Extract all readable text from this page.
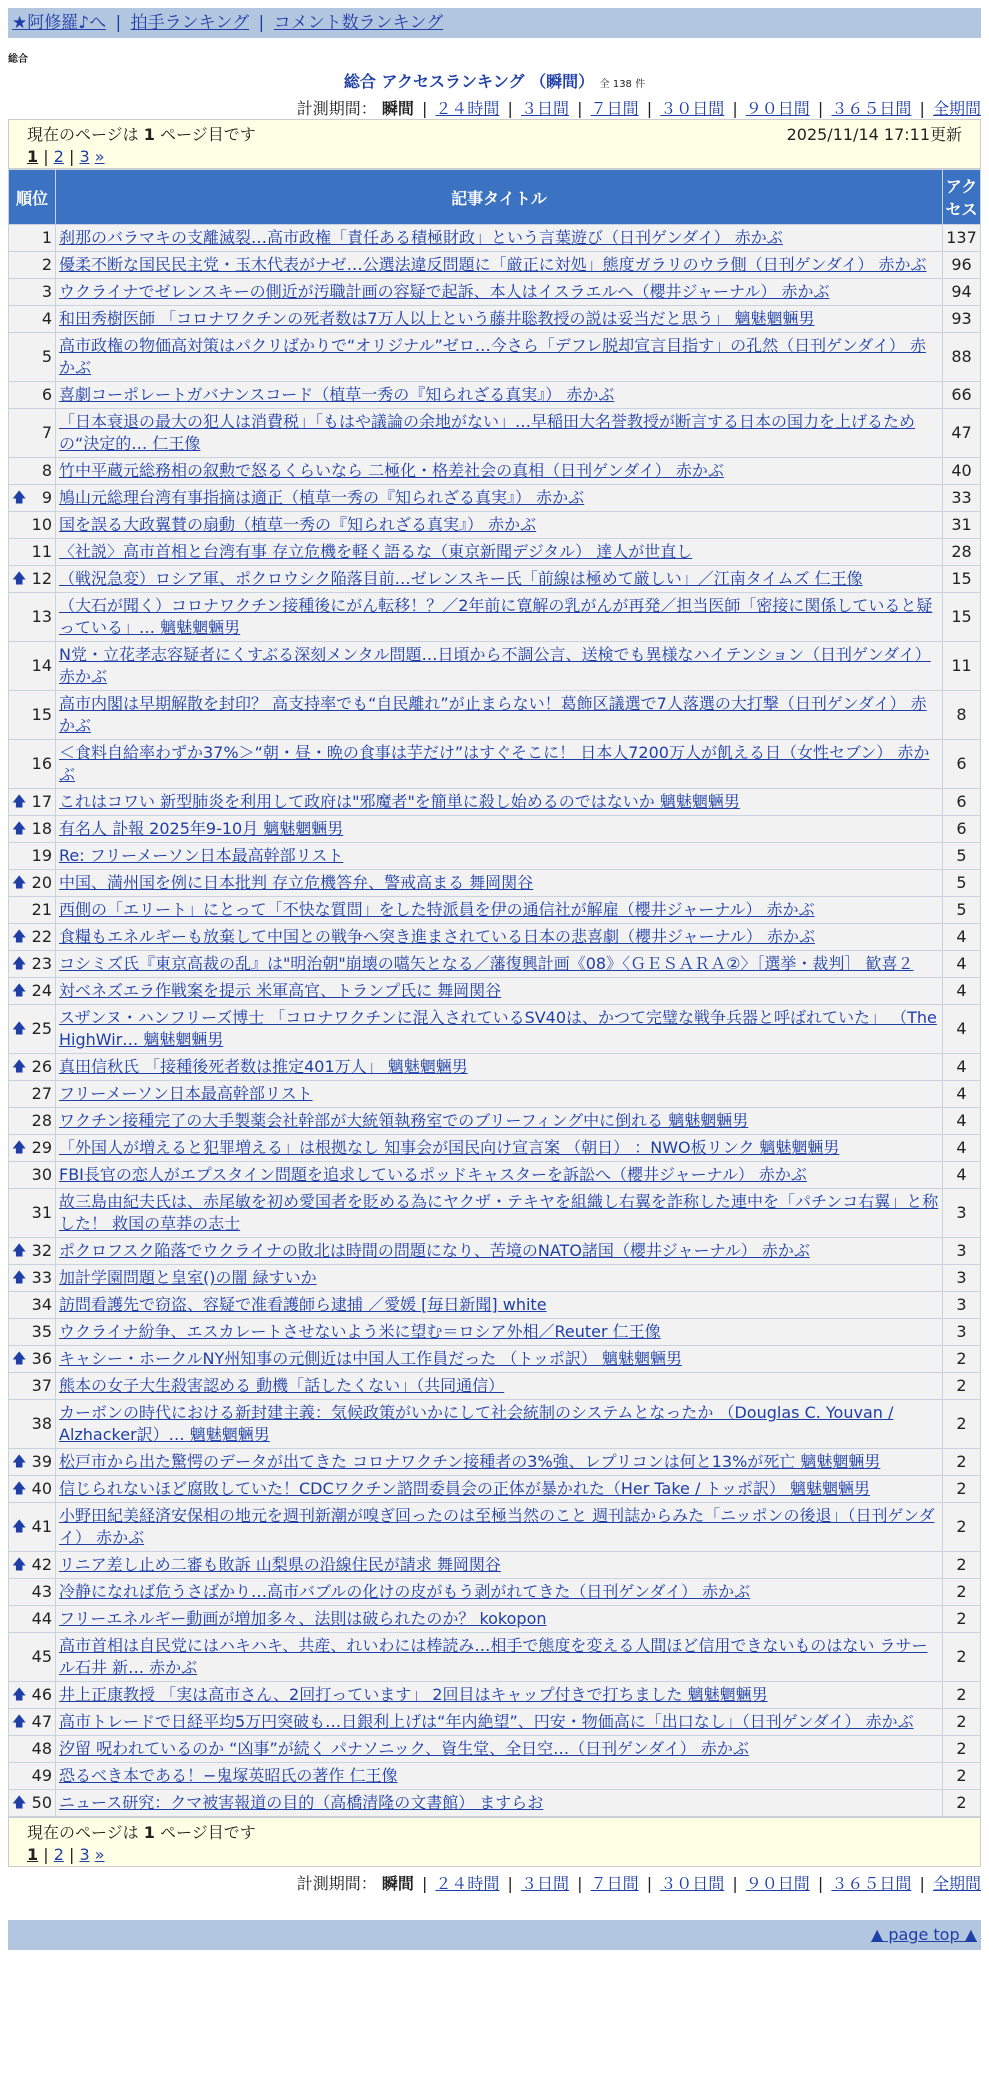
★阿修羅♪へ | 拍手ランキング | コメント数ランキング
総合
総合 アクセスランキング （瞬間） 全 138 件
計測期間： 瞬間 | ２４時間 | ３日間 | ７日間 | ３０日間 | ９０日間 | ３６５日間 | 全期間
現在のページは 1 ページ目です	2025/11/14 17:11更新
1 | 2 | 3 »
順位	記事タイトル	アクセス
1	刹那のバラマキの支離滅裂…高市政権「責任ある積極財政」という言葉遊び（日刊ゲンダイ） 赤かぶ	137
2	優柔不断な国民民主党・玉木代表がナゼ…公選法違反問題に「厳正に対処」態度ガラリのウラ側（日刊ゲンダイ） 赤かぶ	96
3	ウクライナでゼレンスキーの側近が汚職計画の容疑で起訴、本人はイスラエルへ（櫻井ジャーナル） 赤かぶ	94
4	和田秀樹医師 「コロナワクチンの死者数は7万人以上という藤井聡教授の説は妥当だと思う」 魑魅魍魎男	93
5	高市政権の物価高対策はパクリばかりで“オリジナル”ゼロ…今さら「デフレ脱却宣言目指す」の孔然（日刊ゲンダイ） 赤かぶ	88
6	喜劇コーポレートガバナンスコード（植草一秀の『知られざる真実』） 赤かぶ	66
7	「日本衰退の最大の犯人は消費税」「もはや議論の余地がない」…早稲田大名誉教授が断言する日本の国力を上げるための“決定的… 仁王像	47
8	竹中平蔵元総務相の叙勲で怒るくらいなら 二極化・格差社会の真相（日刊ゲンダイ） 赤かぶ	40

🡅 9	鳩山元総理台湾有事指摘は適正（植草一秀の『知られざる真実』） 赤かぶ	33
10	国を誤る大政翼賛の扇動（植草一秀の『知られざる真実』） 赤かぶ	31
11	〈社説〉高市首相と台湾有事 存立危機を軽く語るな（東京新聞デジタル） 達人が世直し	28

🡅 12	（戦況急変）ロシア軍、ポクロウシク陥落目前…ゼレンスキー氏「前線は極めて厳しい」／江南タイムズ 仁王像	15
13	（大石が聞く）コロナワクチン接種後にがん転移！？／2年前に寛解の乳がんが再発／担当医師「密接に関係していると疑っている」… 魑魅魍魎男	15
14	N党・立花孝志容疑者にくすぶる深刻メンタル問題…日頃から不調公言、送検でも異様なハイテンション（日刊ゲンダイ） 赤かぶ	11
15	高市内閣は早期解散を封印？ 高支持率でも“自民離れ”が止まらない！葛飾区議選で7人落選の大打撃（日刊ゲンダイ） 赤かぶ	8
16	＜食料自給率わずか37%＞“朝・昼・晩の食事は芋だけ”はすぐそこに！ 日本人7200万人が飢える日（女性セブン） 赤かぶ	6

🡅 17	これはコワい 新型肺炎を利用して政府は"邪魔者"を簡単に殺し始めるのではないか 魑魅魍魎男	6

🡅 18	有名人 訃報 2025年9-10月 魑魅魍魎男	6
19	Re: フリーメーソン日本最高幹部リスト	5

🡅 20	中国、満州国を例に日本批判 存立危機答弁、警戒高まる 舞岡関谷	5
21	西側の「エリート」にとって「不快な質問」をした特派員を伊の通信社が解雇（櫻井ジャーナル） 赤かぶ	5

🡅 22	食糧もエネルギーも放棄して中国との戦争へ突き進まされている日本の悲喜劇（櫻井ジャーナル） 赤かぶ	4

🡅 23	コシミズ氏『東京高裁の乱』は"明治朝"崩壊の嚆矢となる／藩復興計画《08》〈ＧＥＳＡＲＡ②〉［選挙・裁判］ 歓喜２	4

🡅 24	対ベネズエラ作戦案を提示 米軍高官、トランプ氏に 舞岡関谷	4

🡅 25	スザンヌ・ハンフリーズ博士 「コロナワクチンに混入されているSV40は、かつて完璧な戦争兵器と呼ばれていた」 （The HighWir… 魑魅魍魎男	4

🡅 26	真田信秋氏 「接種後死者数は推定401万人」 魑魅魍魎男	4
27	フリーメーソン日本最高幹部リスト	4
28	ワクチン接種完了の大手製薬会社幹部が大統領執務室でのブリーフィング中に倒れる 魑魅魍魎男	4

🡅 29	「外国人が増えると犯罪増える」は根拠なし 知事会が国民向け宣言案 （朝日） ：NWO板リンク 魑魅魍魎男	4
30	FBI長官の恋人がエプスタイン問題を追求しているポッドキャスターを訴訟へ（櫻井ジャーナル） 赤かぶ	4
31	故三島由紀夫氏は、赤尾敏を初め愛国者を貶める為にヤクザ・テキヤを組織し右翼を詐称した連中を「パチンコ右翼」と称した！ 救国の草莽の志士	3

🡅 32	ポクロフスク陥落でウクライナの敗北は時間の問題になり、苦境のNATO諸国（櫻井ジャーナル） 赤かぶ	3

🡅 33	加計学園問題と皇室()の闇 緑すいか	3
34	訪問看護先で窃盗、容疑で准看護師ら逮捕 ／愛媛 [毎日新聞] white	3
35	ウクライナ紛争、エスカレートさせないよう米に望む＝ロシア外相／Reuter 仁王像	3

🡅 36	キャシー・ホークルNY州知事の元側近は中国人工作員だった （トッポ訳） 魑魅魍魎男	2
37	熊本の女子大生殺害認める 動機「話したくない」（共同通信）	2
38	カーボンの時代における新封建主義：気候政策がいかにして社会統制のシステムとなったか （Douglas C. Youvan / Alzhacker訳）… 魑魅魍魎男	2

🡅 39	松戸市から出た驚愕のデータが出てきた コロナワクチン接種者の3%強、レプリコンは何と13%が死亡 魑魅魍魎男	2

🡅 40	信じられないほど腐敗していた！CDCワクチン諮問委員会の正体が暴かれた（Her Take / トッポ訳） 魑魅魍魎男	2

🡅 41	小野田紀美経済安保相の地元を週刊新潮が嗅ぎ回ったのは至極当然のこと 週刊誌からみた「ニッポンの後退」（日刊ゲンダイ） 赤かぶ	2

🡅 42	リニア差し止め二審も敗訴 山梨県の沿線住民が請求 舞岡関谷	2
43	冷静になれば危うさばかり…高市バブルの化けの皮がもう剥がれてきた（日刊ゲンダイ） 赤かぶ	2
44	フリーエネルギー動画が増加多々、法則は破られたのか？ kokopon	2
45	高市首相は自民党にはハキハキ、共産、れいわには棒読み…相手で態度を変える人間ほど信用できないものはない ラサール石井 新… 赤かぶ	2

🡅 46	井上正康教授 「実は高市さん、2回打っています」 2回目はキャップ付きで打ちました 魑魅魍魎男	2

🡅 47	高市トレードで日経平均5万円突破も…日銀利上げは“年内絶望”、円安・物価高に「出口なし」（日刊ゲンダイ） 赤かぶ	2
48	汐留 呪われているのか “凶事”が続く パナソニック、資生堂、全日空…（日刊ゲンダイ） 赤かぶ	2
49	恐るべき本である！−鬼塚英昭氏の著作 仁王像	2

🡅 50	ニュース研究：クマ被害報道の目的（高橋清隆の文書館） ますらお	2
現在のページは 1 ページ目です
1 | 2 | 3 »
計測期間： 瞬間 | ２４時間 | ３日間 | ７日間 | ３０日間 | ９０日間 | ３６５日間 | 全期間
▲ page top ▲
